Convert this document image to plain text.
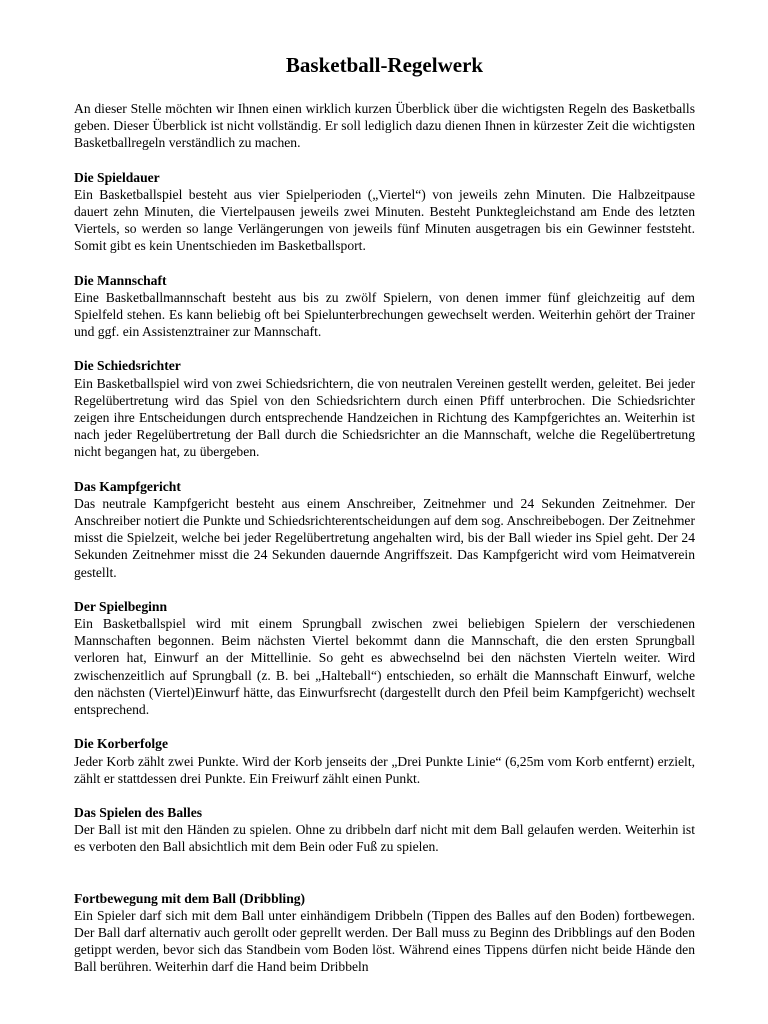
Basketball-Regelwerk

An dieser Stelle möchten wir Ihnen einen wirklich kurzen Überblick über die wichtigsten Regeln des Basketballs geben. Dieser Überblick ist nicht vollständig. Er soll lediglich dazu dienen Ihnen in kürzester Zeit die wichtigsten Basketballregeln verständlich zu machen.

Die Spieldauer

Ein Basketballspiel besteht aus vier Spielperioden („Viertel“) von jeweils zehn Minuten. Die Halbzeitpause dauert zehn Minuten, die Viertelpausen jeweils zwei Minuten. Besteht Punktegleichstand am Ende des letzten Viertels, so werden so lange Verlängerungen von jeweils fünf Minuten ausgetragen bis ein Gewinner feststeht. Somit gibt es kein Unentschieden im Basketballsport.

Die Mannschaft

Eine Basketballmannschaft besteht aus bis zu zwölf Spielern, von denen immer fünf gleichzeitig auf dem Spielfeld stehen. Es kann beliebig oft bei Spielunterbrechungen gewechselt werden. Weiterhin gehört der Trainer und ggf. ein Assistenztrainer zur Mannschaft.

Die Schiedsrichter

Ein Basketballspiel wird von zwei Schiedsrichtern, die von neutralen Vereinen gestellt werden, geleitet. Bei jeder Regelübertretung wird das Spiel von den Schiedsrichtern durch einen Pfiff unterbrochen. Die Schiedsrichter zeigen ihre Entscheidungen durch entsprechende Handzeichen in Richtung des Kampfgerichtes an. Weiterhin ist nach jeder Regelübertretung der Ball durch die Schiedsrichter an die Mannschaft, welche die Regelübertretung nicht begangen hat, zu übergeben.

Das Kampfgericht

Das neutrale Kampfgericht besteht aus einem Anschreiber, Zeitnehmer und 24 Sekunden Zeitnehmer. Der Anschreiber notiert die Punkte und Schiedsrichterentscheidungen auf dem sog. Anschreibebogen. Der Zeitnehmer misst die Spielzeit, welche bei jeder Regelübertretung angehalten wird, bis der Ball wieder ins Spiel geht. Der 24 Sekunden Zeitnehmer misst die 24 Sekunden dauernde Angriffszeit. Das Kampfgericht wird vom Heimatverein gestellt.

Der Spielbeginn

Ein Basketballspiel wird mit einem Sprungball zwischen zwei beliebigen Spielern der verschiedenen Mannschaften begonnen. Beim nächsten Viertel bekommt dann die Mannschaft, die den ersten Sprungball verloren hat, Einwurf an der Mittellinie. So geht es abwechselnd bei den nächsten Vierteln weiter. Wird zwischenzeitlich auf Sprungball (z. B. bei „Halteball“) entschieden, so erhält die Mannschaft Einwurf, welche den nächsten (Viertel)Einwurf hätte, das Einwurfsrecht (dargestellt durch den Pfeil beim Kampfgericht) wechselt entsprechend.

Die Korberfolge

Jeder Korb zählt zwei Punkte. Wird der Korb jenseits der „Drei Punkte Linie“ (6,25m vom Korb entfernt) erzielt, zählt er stattdessen drei Punkte. Ein Freiwurf zählt einen Punkt.

Das Spielen des Balles

Der Ball ist mit den Händen zu spielen. Ohne zu dribbeln darf nicht mit dem Ball gelaufen werden. Weiterhin ist es verboten den Ball absichtlich mit dem Bein oder Fuß zu spielen.

Fortbewegung mit dem Ball (Dribbling)

Ein Spieler darf sich mit dem Ball unter einhändigem Dribbeln (Tippen des Balles auf den Boden) fortbewegen. Der Ball darf alternativ auch gerollt oder geprellt werden. Der Ball muss zu Beginn des Dribblings auf den Boden getippt werden, bevor sich das Standbein vom Boden löst. Während eines Tippens dürfen nicht beide Hände den Ball berühren. Weiterhin darf die Hand beim Dribbeln
